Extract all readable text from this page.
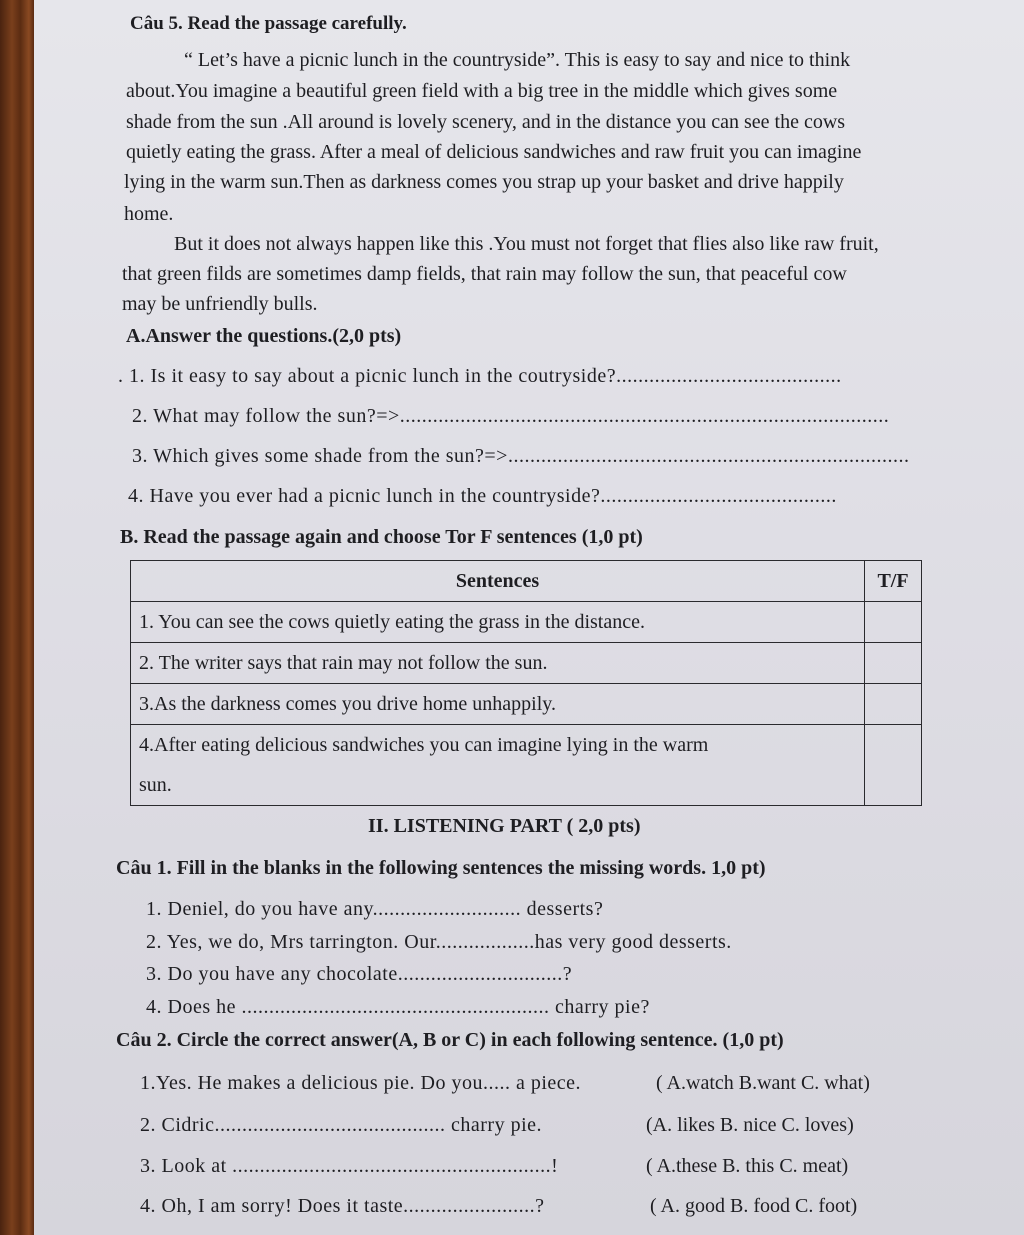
Câu 5. Read the passage carefully.
“ Let’s have a picnic lunch in the countryside”. This is easy to say and nice to think
about.You imagine a beautiful green field with a big tree in the middle which gives some
shade from the sun .All around is lovely scenery, and in the distance you can see the cows
quietly eating the grass. After a meal of delicious sandwiches and raw fruit you can imagine
lying in the warm sun.Then as darkness comes you strap up your basket and drive happily
home.
But it does not always happen like this .You must not forget that flies also like raw fruit,
that green filds are sometimes damp fields, that rain may follow the sun, that peaceful cow
may be unfriendly bulls.
A.Answer the questions.(2,0 pts)
. 1. Is it easy to say about a picnic lunch in the coutryside?.........................................
2. What may follow the sun?=>.........................................................................................
3. Which gives some shade from the sun?=>.........................................................................
4. Have you ever had a picnic lunch in the countryside?...........................................
B. Read the passage again and choose Tor F sentences (1,0 pt)
Sentences	T/F
1. You can see the cows quietly eating the grass in the distance.	
2. The writer says that rain may not follow the sun.	
3.As the darkness comes you drive home unhappily.	

4.After eating delicious sandwiches you can imagine lying in the warm
sun.	

II. LISTENING PART ( 2,0 pts)
Câu 1. Fill in the blanks in the following sentences the missing words. 1,0 pt)
1. Deniel, do you have any........................... desserts?
2. Yes, we do, Mrs tarrington. Our..................has very good desserts.
3. Do you have any chocolate..............................?
4. Does he ........................................................ charry pie?
Câu 2. Circle the correct answer(A, B or C) in each following sentence. (1,0 pt)
1.Yes. He makes a delicious pie. Do you..... a piece.	( A.watch B.want C. what)
2. Cidric.......................................... charry pie.	(A. likes B. nice C. loves)
3. Look at ..........................................................!	( A.these B. this C. meat)
4. Oh, I am sorry! Does it taste........................?	( A. good B. food C. foot)
